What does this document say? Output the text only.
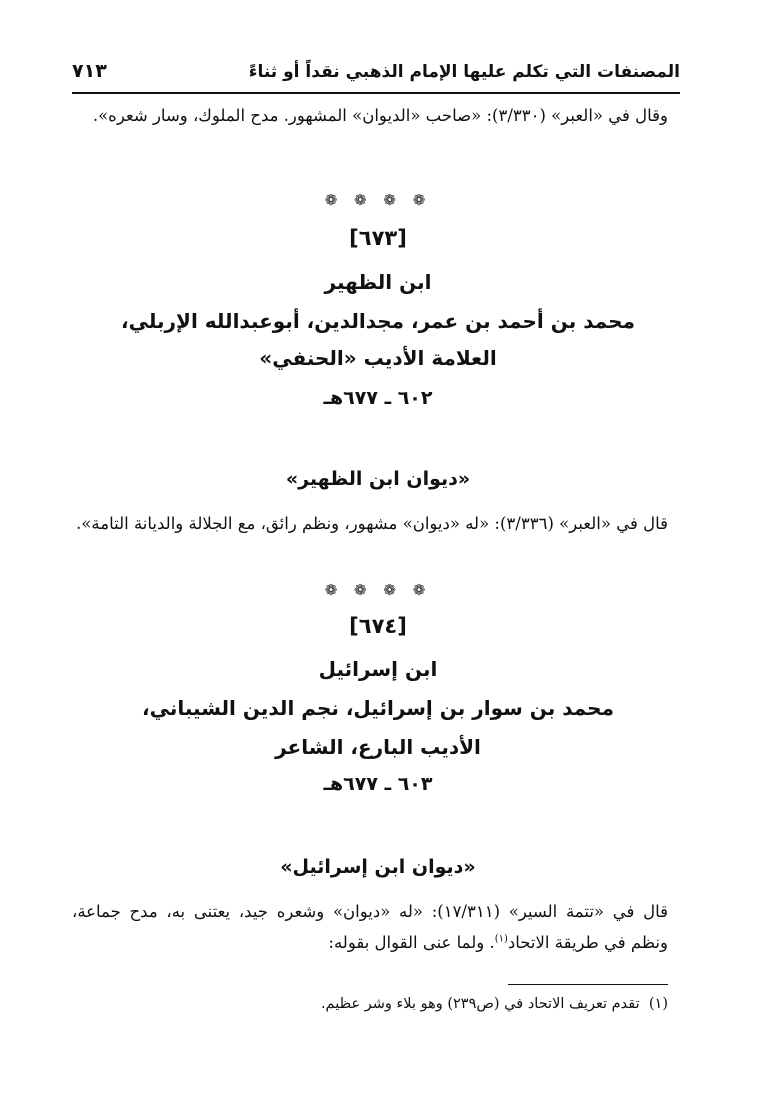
المصنفات التي تكلم عليها الإمام الذهبي نقداً أو ثناءً
٧١٣

وقال في «العبر» (٣/٣٣٠): «صاحب «الديوان» المشهور. مدح الملوك، وسار شعره».

❁ ❁ ❁ ❁
[٦٧٣]
ابن الظهير
محمد بن أحمد بن عمر، مجدالدين، أبوعبدالله الإربلي،
العلامة الأديب «الحنفي»
٦٠٢ ـ ٦٧٧هـ
«ديوان ابن الظهير»

قال في «العبر» (٣/٣٣٦): «له «ديوان» مشهور، ونظم رائق، مع الجلالة والديانة التامة».

❁ ❁ ❁ ❁
[٦٧٤]
ابن إسرائيل
محمد بن سوار بن إسرائيل، نجم الدين الشيباني،
الأديب البارع، الشاعر
٦٠٣ ـ ٦٧٧هـ
«ديوان ابن إسرائيل»

قال في «تتمة السير» (١٧/٣١١): «له «ديوان» وشعره جيد، يعتنى به، مدح جماعة، ونظم في طريقة الاتحاد$^{(١)}$. ولما عنى القوال بقوله:

(١)  تقدم تعريف الاتحاد في (ص٢٣٩) وهو بلاء وشر عظيم.
